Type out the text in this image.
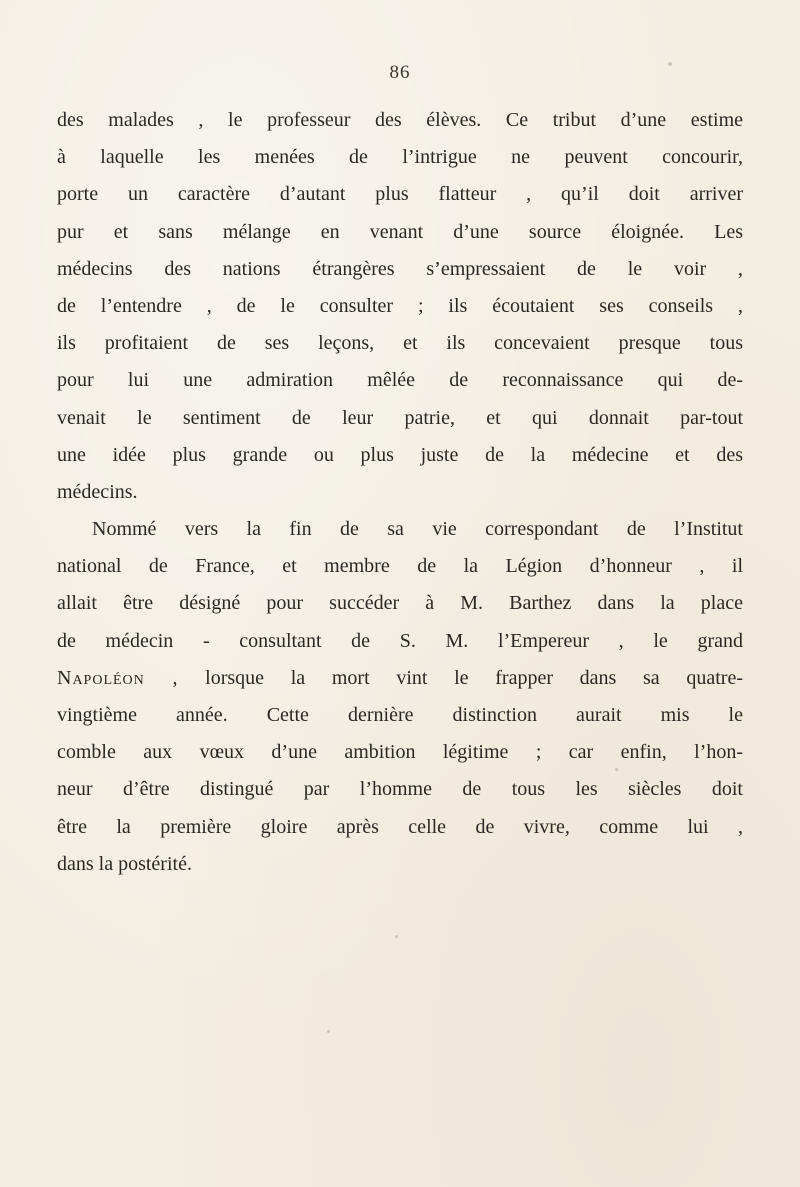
86
des malades , le professeur des élèves. Ce tribut d’une estime
à laquelle les menées de l’intrigue ne peuvent concourir,
porte un caractère d’autant plus flatteur , qu’il doit arriver
pur et sans mélange en venant d’une source éloignée. Les
médecins des nations étrangères s’empressaient de le voir ,
de l’entendre , de le consulter ; ils écoutaient ses conseils ,
ils profitaient de ses leçons, et ils concevaient presque tous
pour lui une admiration mêlée de reconnaissance qui de-
venait le sentiment de leur patrie, et qui donnait par-tout
une idée plus grande ou plus juste de la médecine et des
médecins.
Nommé vers la fin de sa vie correspondant de l’Institut
national de France, et membre de la Légion d’honneur , il
allait être désigné pour succéder à M. Barthez dans la place
de médecin - consultant de S. M. l’Empereur , le grand
Napoléon , lorsque la mort vint le frapper dans sa quatre-
vingtième année. Cette dernière distinction aurait mis le
comble aux vœux d’une ambition légitime ; car enfin, l’hon-
neur d’être distingué par l’homme de tous les siècles doit
être la première gloire après celle de vivre, comme lui ,
dans la postérité.
